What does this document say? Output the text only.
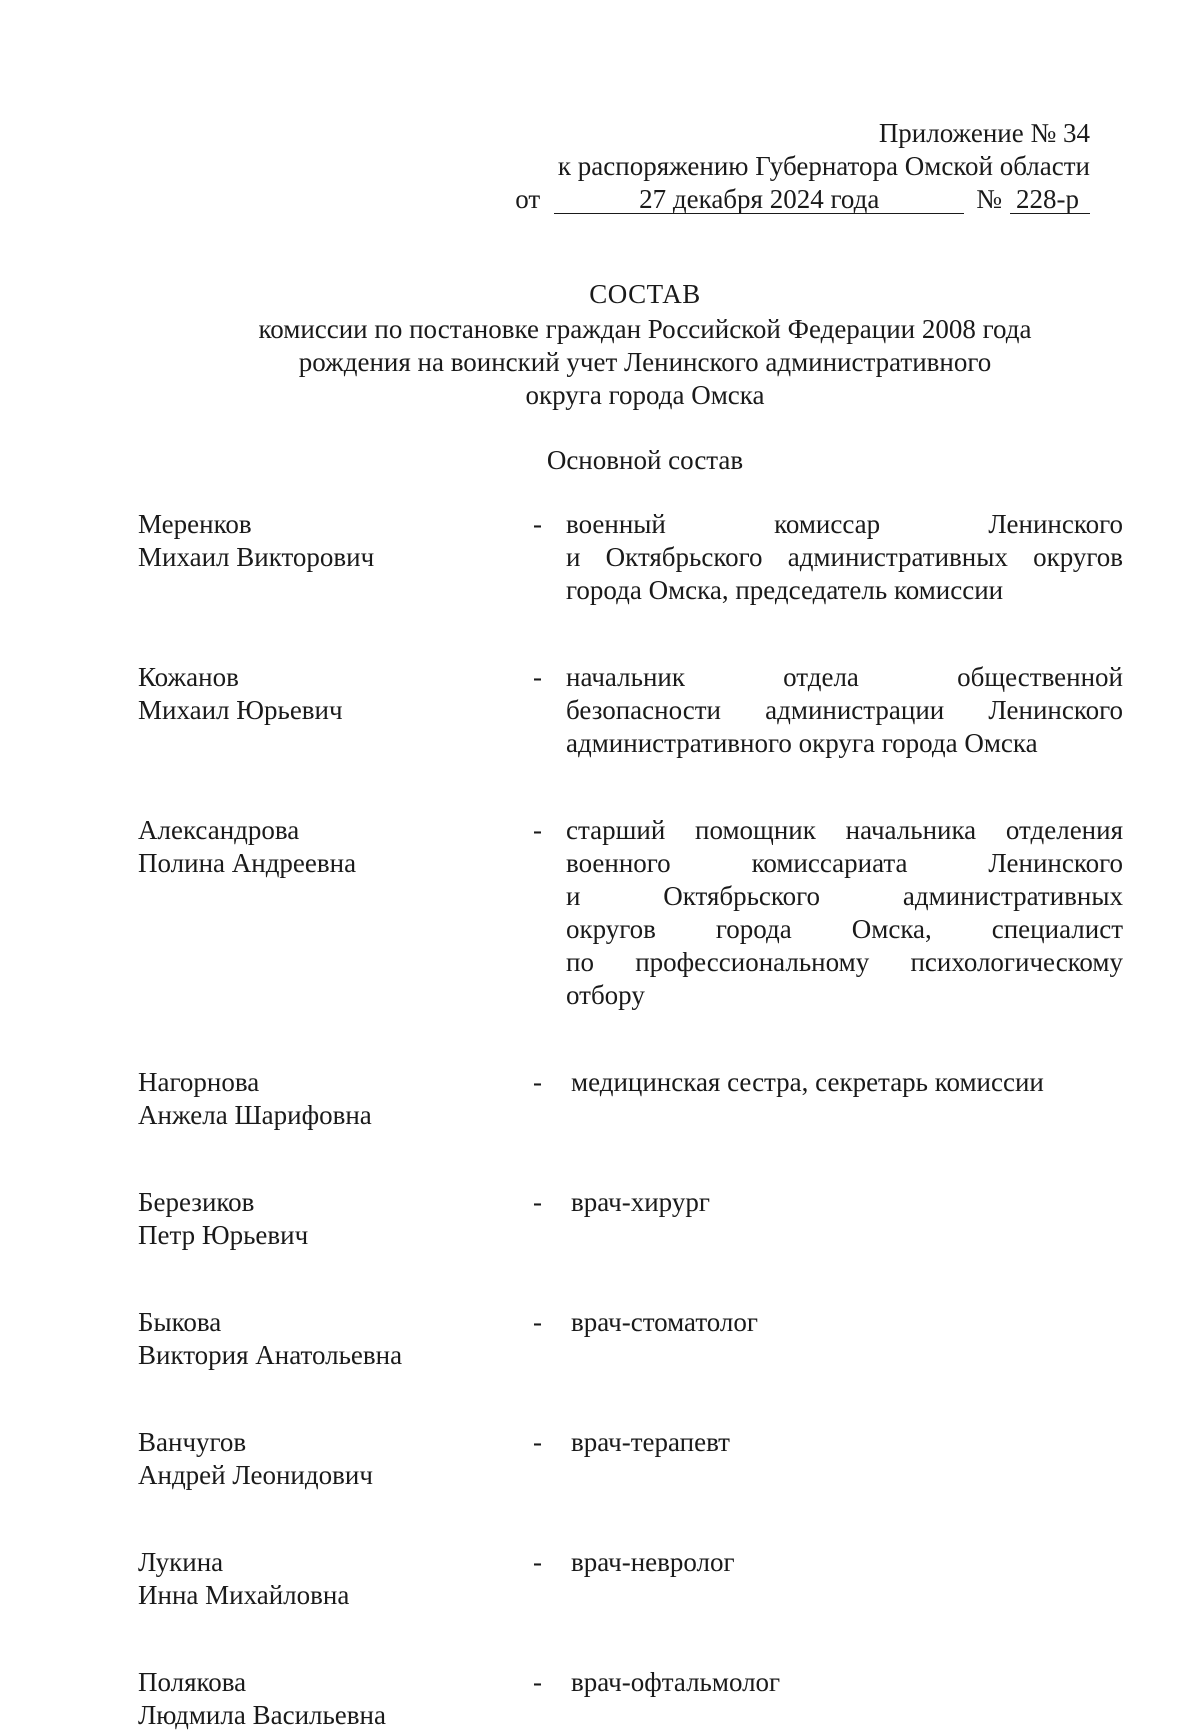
Приложение № 34
к распоряжению Губернатора Омской области
от	27 декабря 2024 года	№ 228-р
СОСТАВ
комиссии по постановке граждан Российской Федерации 2008 года
рождения на воинский учет Ленинского административного
округа города Омска
Основной состав
Меренков
Михаил Викторович
- военный комиссар Ленинского
и Октябрьского административных округов
города Омска, председатель комиссии
Кожанов
Михаил Юрьевич
- начальник отдела общественной
безопасности администрации Ленинского
административного округа города Омска
Александрова
Полина Андреевна
- старший помощник начальника отделения
военного комиссариата Ленинского
и Октябрьского административных
округов города Омска, специалист
по профессиональному психологическому
отбору
Нагорнова
Анжела Шарифовна
-	медицинская сестра, секретарь комиссии
Березиков
Петр Юрьевич
-	врач-хирург
Быкова
Виктория Анатольевна
-	врач-стоматолог
Ванчугов
Андрей Леонидович
-	врач-терапевт
Лукина
Инна Михайловна
-	врач-невролог
Полякова
Людмила Васильевна
-	врач-офтальмолог
